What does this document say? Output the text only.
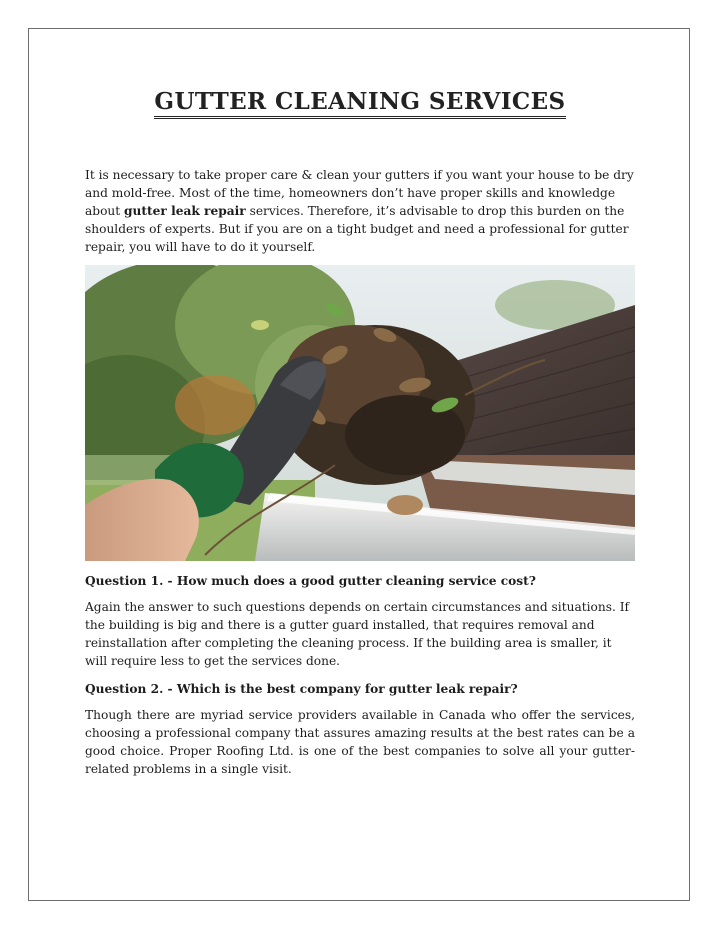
GUTTER CLEANING SERVICES

It is necessary to take proper care & clean your gutters if you want your house to be dry and mold-free. Most of the time, homeowners don’t have proper skills and knowledge about gutter leak repair services. Therefore, it’s advisable to drop this burden on the shoulders of experts. But if you are on a tight budget and need a professional for gutter repair, you will have to do it yourself.

Question 1. - How much does a good gutter cleaning service cost?

Again the answer to such questions depends on certain circumstances and situations. If the building is big and there is a gutter guard installed, that requires removal and reinstallation after completing the cleaning process. If the building area is smaller, it will require less to get the services done.

Question 2. - Which is the best company for gutter leak repair?

Though there are myriad service providers available in Canada who offer the services, choosing a professional company that assures amazing results at the best rates can be a good choice. Proper Roofing Ltd. is one of the best companies to solve all your gutter-related problems in a single visit.
